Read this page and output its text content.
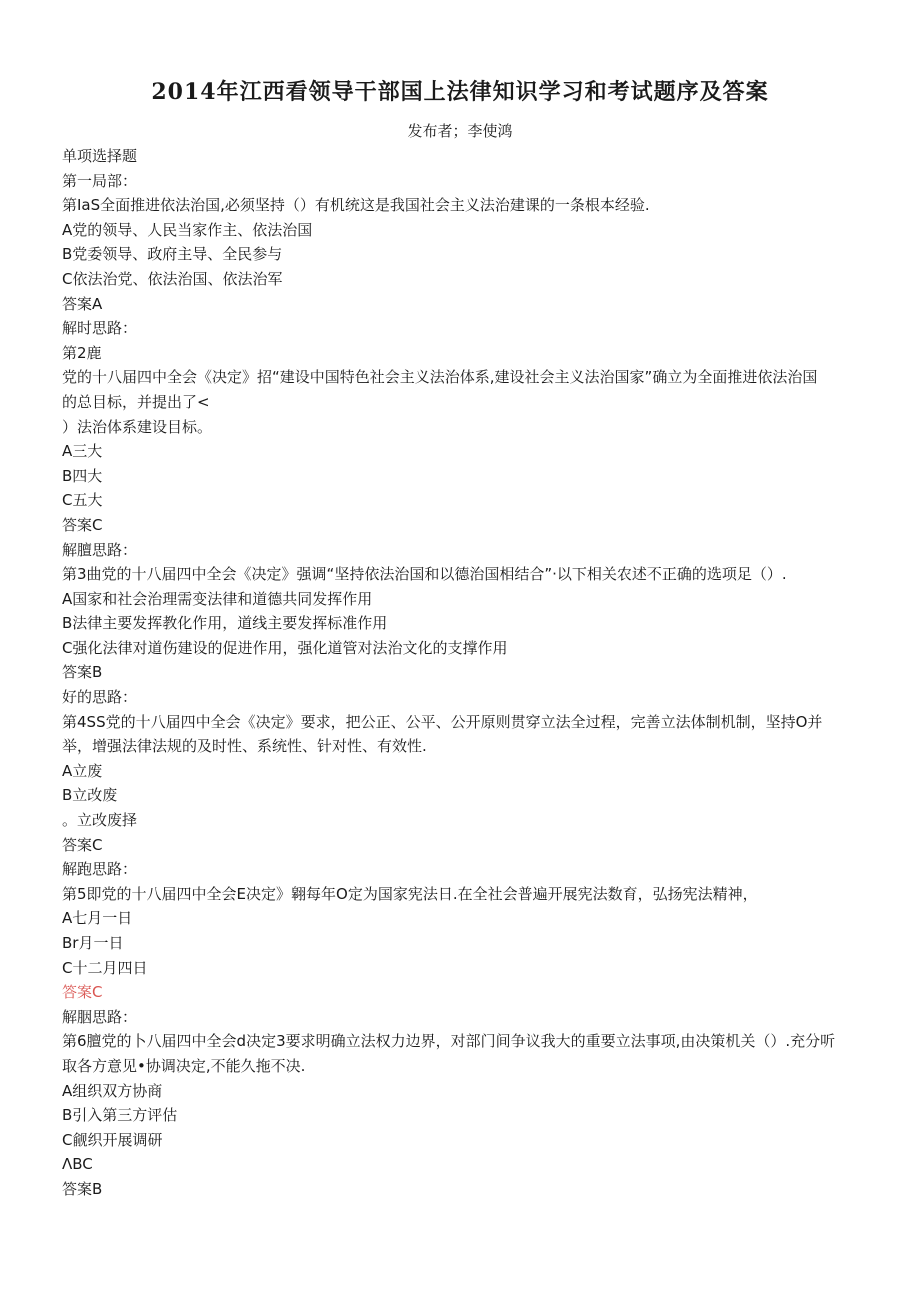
2014年江西看领导干部国上法律知识学习和考试题序及答案
发布者；李使鸿
单项选择题
第一局部：
第IaS全面推进依法治国,必须坚持（）有机统这是我国社会主义法治建课的一条根本经验.
A党的领导、人民当家作主、依法治国
B党委领导、政府主导、全民参与
C依法治党、依法治国、依法治军
答案A
解时思路：
第2鹿
党的十八届四中全会《决定》招“建设中国特色社会主义法治体系,建设社会主义法治国家”确立为全面推进依法治国
的总目标，并提出了<
）法治体系建设目标。
A三大
B四大
C五大
答案C
解膻思路：
第3曲党的十八届四中全会《决定》强调“坚持依法治国和以德治国相结合”·以下相关农述不正确的选项足（）.
A国家和社会治理需变法律和道德共同发挥作用
B法律主要发挥教化作用，道线主要发挥标准作用
C强化法律对道伤建设的促进作用，强化道管对法治文化的支撑作用
答案B
好的思路：
第4SS党的十八届四中全会《决定》要求，把公正、公平、公开原则贯穿立法全过程，完善立法体制机制，坚持O并
举，增强法律法规的及时性、系统性、针对性、有效性.
A立废
B立改废
。立改废择
答案C
解跑思路：
第5即党的十八届四中全会E决定》翱每年O定为国家宪法日.在全社会普遍开展宪法数育，弘扬宪法精神，
A七月一日
Br月一日
C十二月四日
答案C
解胭思路：
第6膻党的卜八届四中全会d决定3要求明确立法权力边界，对部门间争议我大的重要立法事项,由决策机关（）.充分听
取各方意见•协调决定,不能久拖不决.
A组织双方协商
B引入第三方评估
C觎织开展调研
ΛBC
答案B
